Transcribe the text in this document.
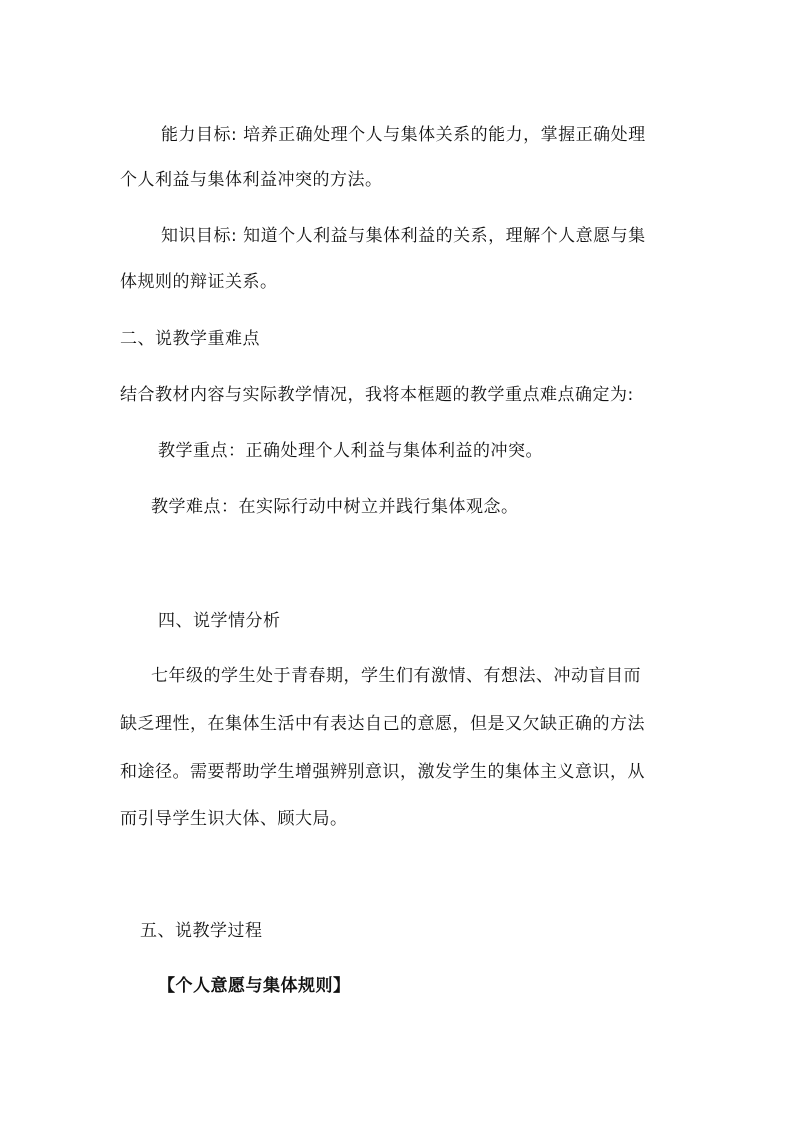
能力目标: 培养正确处理个人与集体关系的能力，掌握正确处理
个人利益与集体利益冲突的方法。
知识目标: 知道个人利益与集体利益的关系，理解个人意愿与集
体规则的辩证关系。
二、说教学重难点
结合教材内容与实际教学情况，我将本框题的教学重点难点确定为:
教学重点：正确处理个人利益与集体利益的冲突。
教学难点：在实际行动中树立并践行集体观念。
四、说学情分析
七年级的学生处于青春期，学生们有激情、有想法、冲动盲目而
缺乏理性，在集体生活中有表达自己的意愿，但是又欠缺正确的方法
和途径。需要帮助学生增强辨别意识，激发学生的集体主义意识，从
而引导学生识大体、顾大局。
五、说教学过程
【个人意愿与集体规则】
